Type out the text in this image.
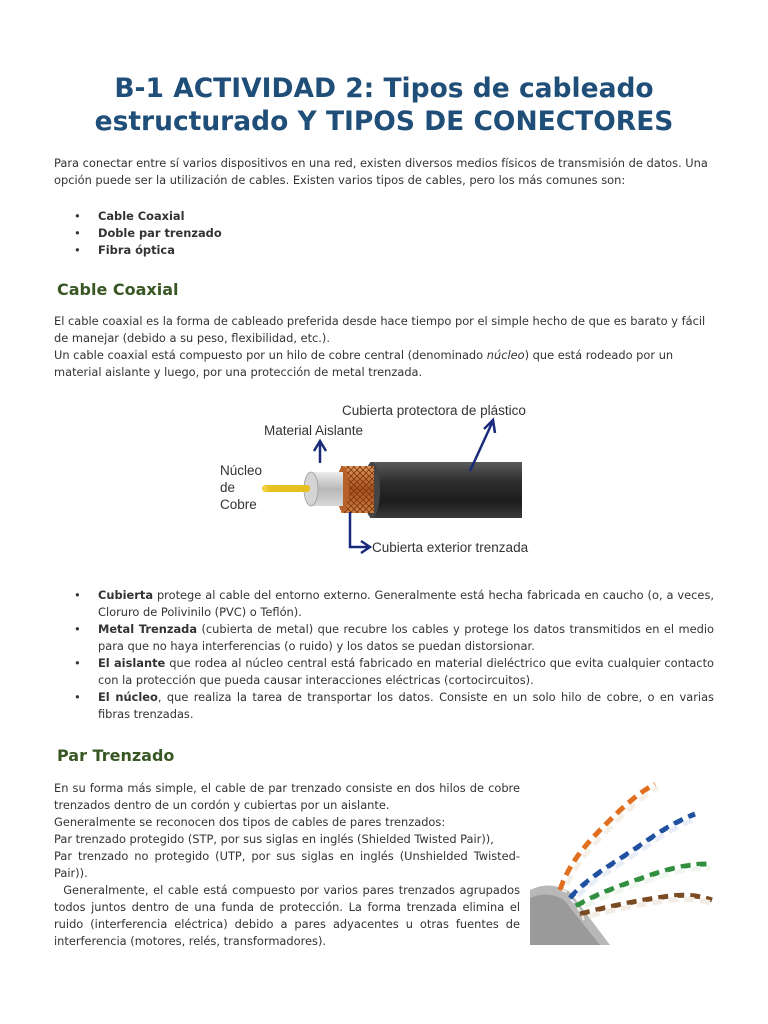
B-1 ACTIVIDAD 2: Tipos de cableado estructurado Y TIPOS DE CONECTORES

Para conectar entre sí varios dispositivos en una red, existen diversos medios físicos de transmisión de datos. Una opción puede ser la utilización de cables. Existen varios tipos de cables, pero los más comunes son:

• Cable Coaxial
• Doble par trenzado
• Fibra óptica
Cable Coaxial

El cable coaxial es la forma de cableado preferida desde hace tiempo por el simple hecho de que es barato y fácil de manejar (debido a su peso, flexibilidad, etc.).

Un cable coaxial está compuesto por un hilo de cobre central (denominado núcleo) que está rodeado por un material aislante y luego, por una protección de metal trenzada.

Cubierta protectora de plástico
Material Aislante
Núcleo
de
Cobre
Cubierta exterior trenzada
• Cubierta protege al cable del entorno externo. Generalmente está hecha fabricada en caucho (o, a veces, Cloruro de Polivinilo (PVC) o Teflón).
• Metal Trenzada (cubierta de metal) que recubre los cables y protege los datos transmitidos en el medio para que no haya interferencias (o ruido) y los datos se puedan distorsionar.
• El aislante que rodea al núcleo central está fabricado en material dieléctrico que evita cualquier contacto con la protección que pueda causar interacciones eléctricas (cortocircuitos).
• El núcleo, que realiza la tarea de transportar los datos. Consiste en un solo hilo de cobre, o en varias fibras trenzadas.
Par Trenzado

En su forma más simple, el cable de par trenzado consiste en dos hilos de cobre trenzados dentro de un cordón y cubiertas por un aislante.

Generalmente se reconocen dos tipos de cables de pares trenzados:

Par trenzado protegido (STP, por sus siglas en inglés (Shielded Twisted Pair)),

Par trenzado no protegido (UTP, por sus siglas en inglés (Unshielded Twisted-Pair)).

Generalmente, el cable está compuesto por varios pares trenzados agrupados todos juntos dentro de una funda de protección. La forma trenzada elimina el ruido (interferencia eléctrica) debido a pares adyacentes u otras fuentes de interferencia (motores, relés, transformadores).
